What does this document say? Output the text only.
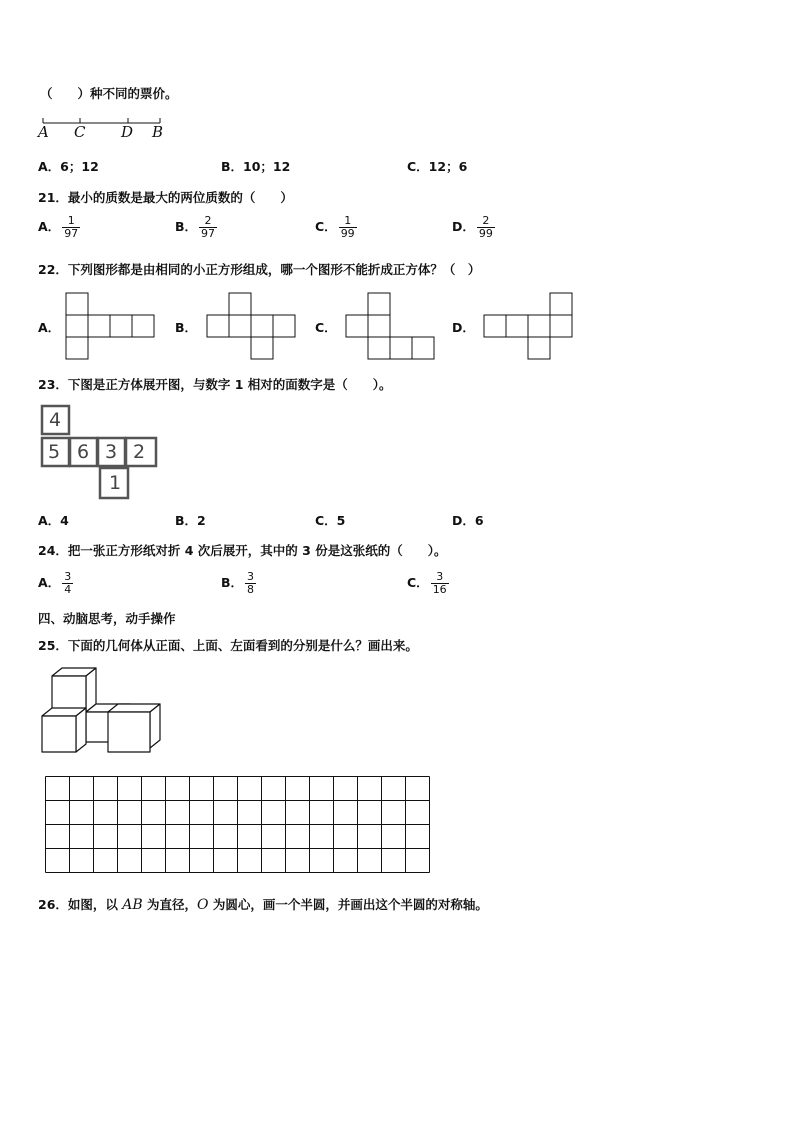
（　　）种不同的票价。
A C D B
A．6；12	B．10；12	C．12；6
21．最小的质数是最大的两位质数的（　　）
A． $\frac{1}{97}$	B． $\frac{2}{97}$	C． $\frac{1}{99}$	D． $\frac{2}{99}$
22．下列图形都是由相同的小正方形组成，哪一个图形不能折成正方体？（　）
A．	B．	C．	D．
23．下图是正方体展开图，与数字 1 相对的面数字是（　　）。
4
5 6 3 2
1
A．4	B．2	C．5	D．6
24．把一张正方形纸对折 4 次后展开，其中的 3 份是这张纸的（　　）。
A． $\frac{3}{4}$	B． $\frac{3}{8}$	C． $\frac{3}{16}$
四、动脑思考，动手操作
25．下面的几何体从正面、上面、左面看到的分别是什么？画出来。
26．如图，以 AB 为直径，O 为圆心，画一个半圆，并画出这个半圆的对称轴。
